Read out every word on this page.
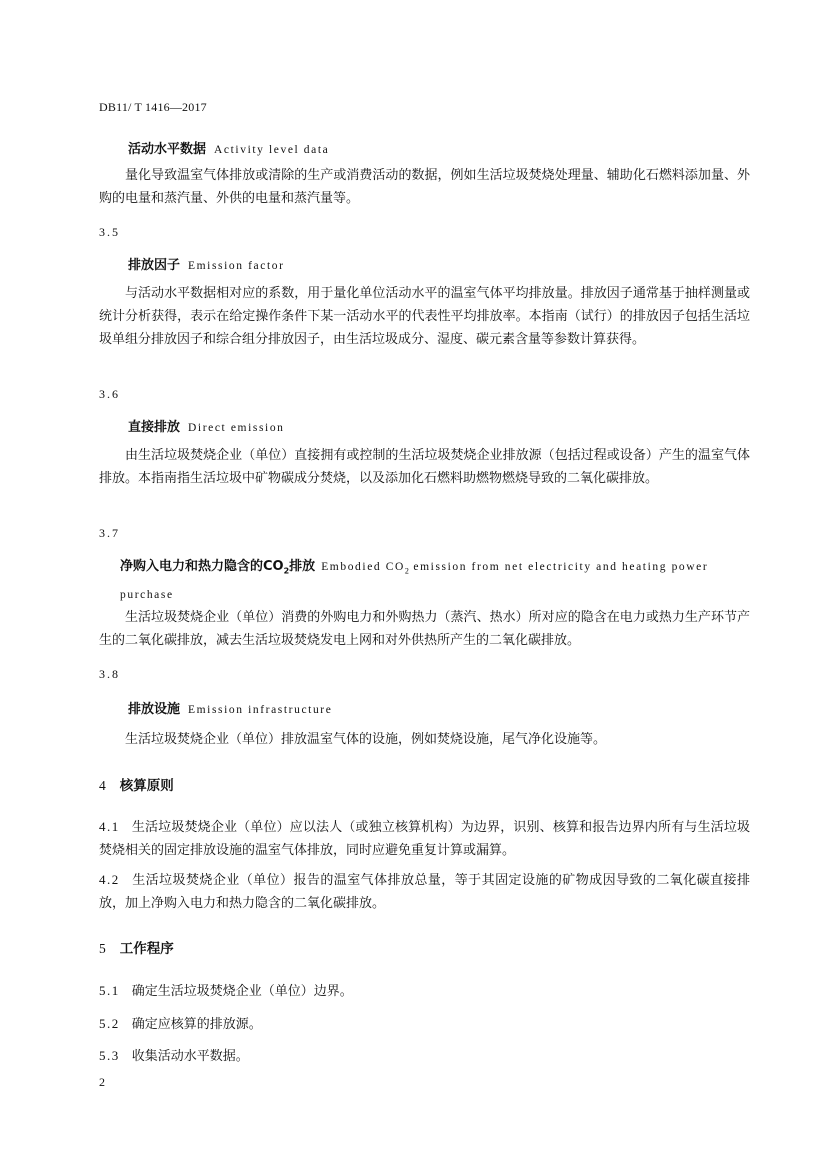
DB11/ T 1416—2017
活动水平数据 Activity level data
量化导致温室气体排放或清除的生产或消费活动的数据，例如生活垃圾焚烧处理量、辅助化石燃料添加量、外购的电量和蒸汽量、外供的电量和蒸汽量等。
3.5
排放因子 Emission factor
与活动水平数据相对应的系数，用于量化单位活动水平的温室气体平均排放量。排放因子通常基于抽样测量或统计分析获得，表示在给定操作条件下某一活动水平的代表性平均排放率。本指南（试行）的排放因子包括生活垃圾单组分排放因子和综合组分排放因子，由生活垃圾成分、湿度、碳元素含量等参数计算获得。
3.6
直接排放 Direct emission
由生活垃圾焚烧企业（单位）直接拥有或控制的生活垃圾焚烧企业排放源（包括过程或设备）产生的温室气体排放。本指南指生活垃圾中矿物碳成分焚烧，以及添加化石燃料助燃物燃烧导致的二氧化碳排放。
3.7
净购入电力和热力隐含的$CO_2$排放 Embodied $CO_2$ emission from net electricity and heating power purchase
生活垃圾焚烧企业（单位）消费的外购电力和外购热力（蒸汽、热水）所对应的隐含在电力或热力生产环节产生的二氧化碳排放，减去生活垃圾焚烧发电上网和对外供热所产生的二氧化碳排放。
3.8
排放设施 Emission infrastructure
生活垃圾焚烧企业（单位）排放温室气体的设施，例如焚烧设施，尾气净化设施等。
4 核算原则
4.1 生活垃圾焚烧企业（单位）应以法人（或独立核算机构）为边界，识别、核算和报告边界内所有与生活垃圾焚烧相关的固定排放设施的温室气体排放，同时应避免重复计算或漏算。
4.2 生活垃圾焚烧企业（单位）报告的温室气体排放总量，等于其固定设施的矿物成因导致的二氧化碳直接排放，加上净购入电力和热力隐含的二氧化碳排放。
5 工作程序
5.1 确定生活垃圾焚烧企业（单位）边界。
5.2 确定应核算的排放源。
5.3 收集活动水平数据。
2
